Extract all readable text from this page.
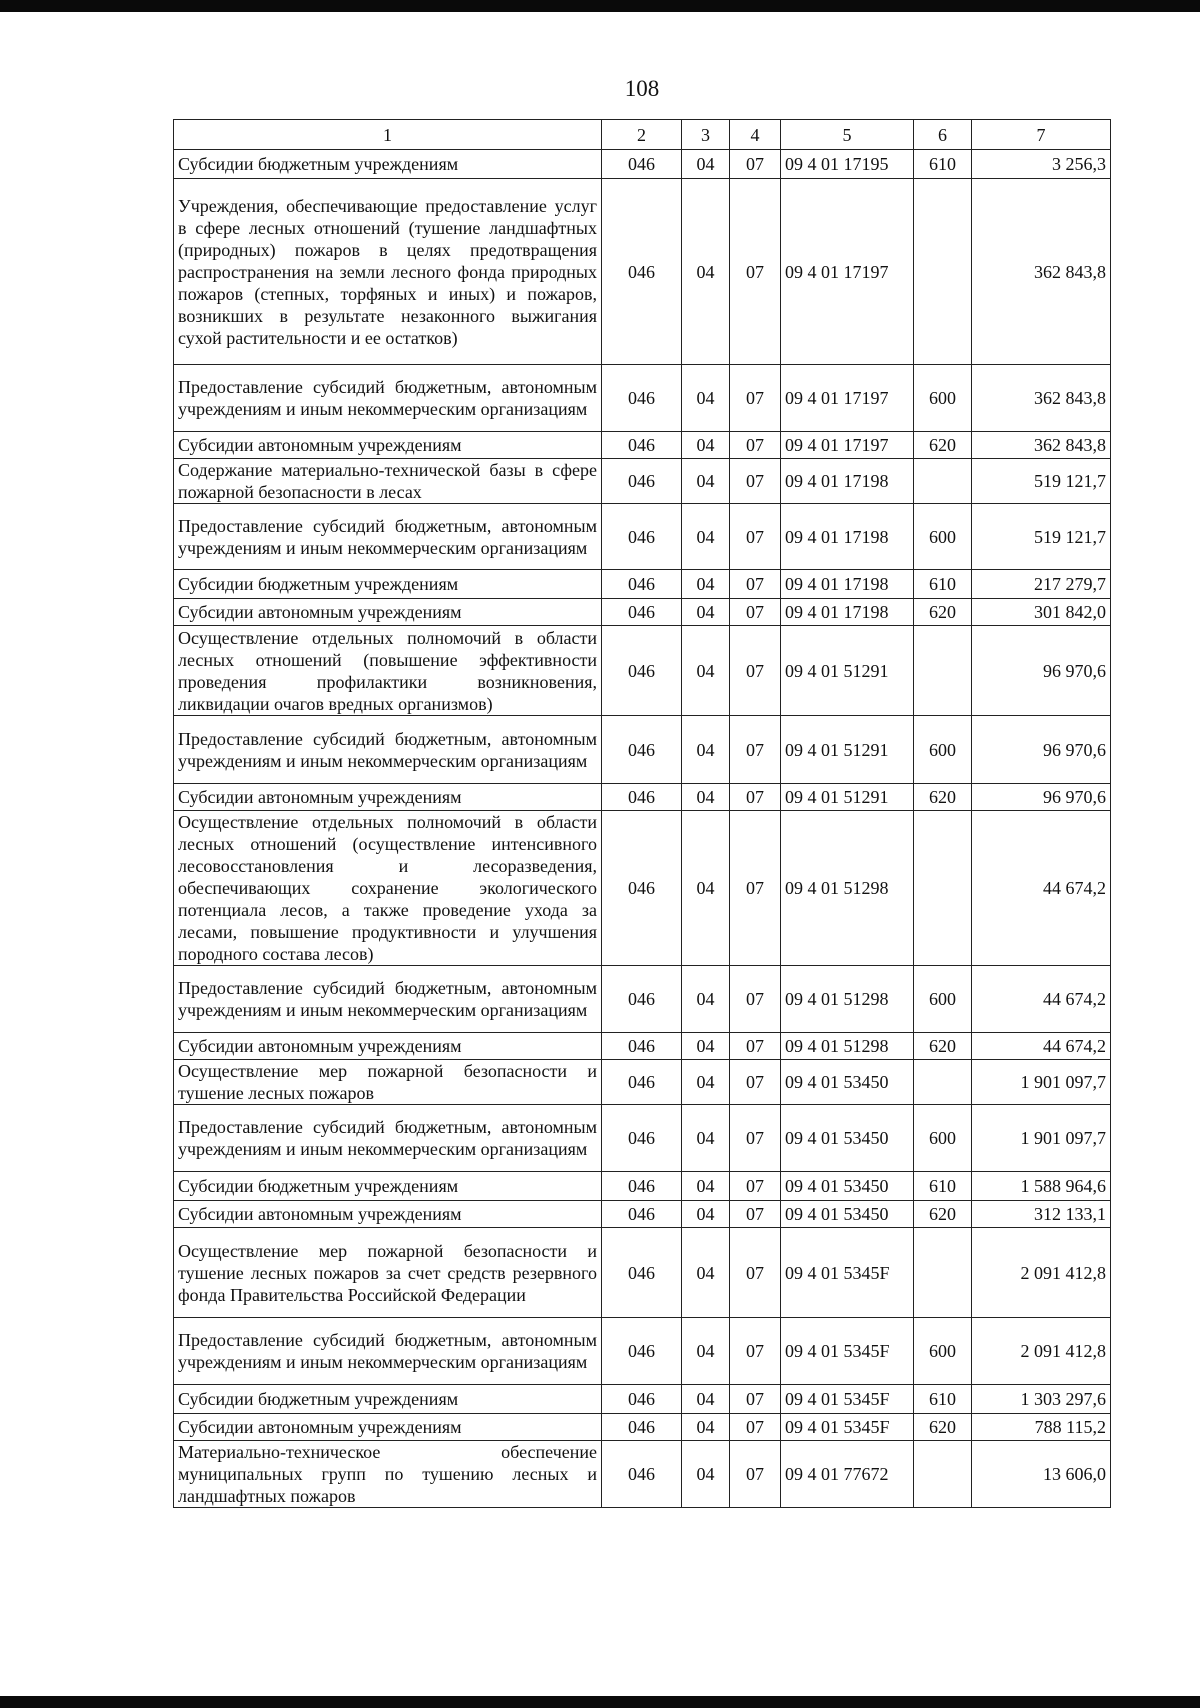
108
1	2	3	4	5	6	7
Субсидии бюджетным учреждениям	046	04	07	09 4 01 17195	610	3 256,3
Учреждения, обеспечивающие предоставление услуг в сфере лесных отношений (тушение ландшафтных (природных) пожаров в целях предотвращения распространения на земли лесного фонда природных пожаров (степных, торфяных и иных) и пожаров, возникших в результате незаконного выжигания сухой растительности и ее остатков)	046	04	07	09 4 01 17197		362 843,8
Предоставление субсидий бюджетным, автономным учреждениям и иным некоммерческим организациям	046	04	07	09 4 01 17197	600	362 843,8
Субсидии автономным учреждениям	046	04	07	09 4 01 17197	620	362 843,8
Содержание материально-технической базы в сфере пожарной безопасности в лесах	046	04	07	09 4 01 17198		519 121,7
Предоставление субсидий бюджетным, автономным учреждениям и иным некоммерческим организациям	046	04	07	09 4 01 17198	600	519 121,7
Субсидии бюджетным учреждениям	046	04	07	09 4 01 17198	610	217 279,7
Субсидии автономным учреждениям	046	04	07	09 4 01 17198	620	301 842,0
Осуществление отдельных полномочий в области лесных отношений (повышение эффективности проведения профилактики возникновения, ликвидации очагов вредных организмов)	046	04	07	09 4 01 51291		96 970,6
Предоставление субсидий бюджетным, автономным учреждениям и иным некоммерческим организациям	046	04	07	09 4 01 51291	600	96 970,6
Субсидии автономным учреждениям	046	04	07	09 4 01 51291	620	96 970,6
Осуществление отдельных полномочий в области лесных отношений (осуществление интенсивного лесовосстановления и лесоразведения, обеспечивающих сохранение экологического потенциала лесов, а также проведение ухода за лесами, повышение продуктивности и улучшения породного состава лесов)	046	04	07	09 4 01 51298		44 674,2
Предоставление субсидий бюджетным, автономным учреждениям и иным некоммерческим организациям	046	04	07	09 4 01 51298	600	44 674,2
Субсидии автономным учреждениям	046	04	07	09 4 01 51298	620	44 674,2
Осуществление мер пожарной безопасности и тушение лесных пожаров	046	04	07	09 4 01 53450		1 901 097,7
Предоставление субсидий бюджетным, автономным учреждениям и иным некоммерческим организациям	046	04	07	09 4 01 53450	600	1 901 097,7
Субсидии бюджетным учреждениям	046	04	07	09 4 01 53450	610	1 588 964,6
Субсидии автономным учреждениям	046	04	07	09 4 01 53450	620	312 133,1
Осуществление мер пожарной безопасности и тушение лесных пожаров за счет средств резервного фонда Правительства Российской Федерации	046	04	07	09 4 01 5345F		2 091 412,8
Предоставление субсидий бюджетным, автономным учреждениям и иным некоммерческим организациям	046	04	07	09 4 01 5345F	600	2 091 412,8
Субсидии бюджетным учреждениям	046	04	07	09 4 01 5345F	610	1 303 297,6
Субсидии автономным учреждениям	046	04	07	09 4 01 5345F	620	788 115,2
Материально-техническое обеспечение муниципальных групп по тушению лесных и ландшафтных пожаров	046	04	07	09 4 01 77672		13 606,0
